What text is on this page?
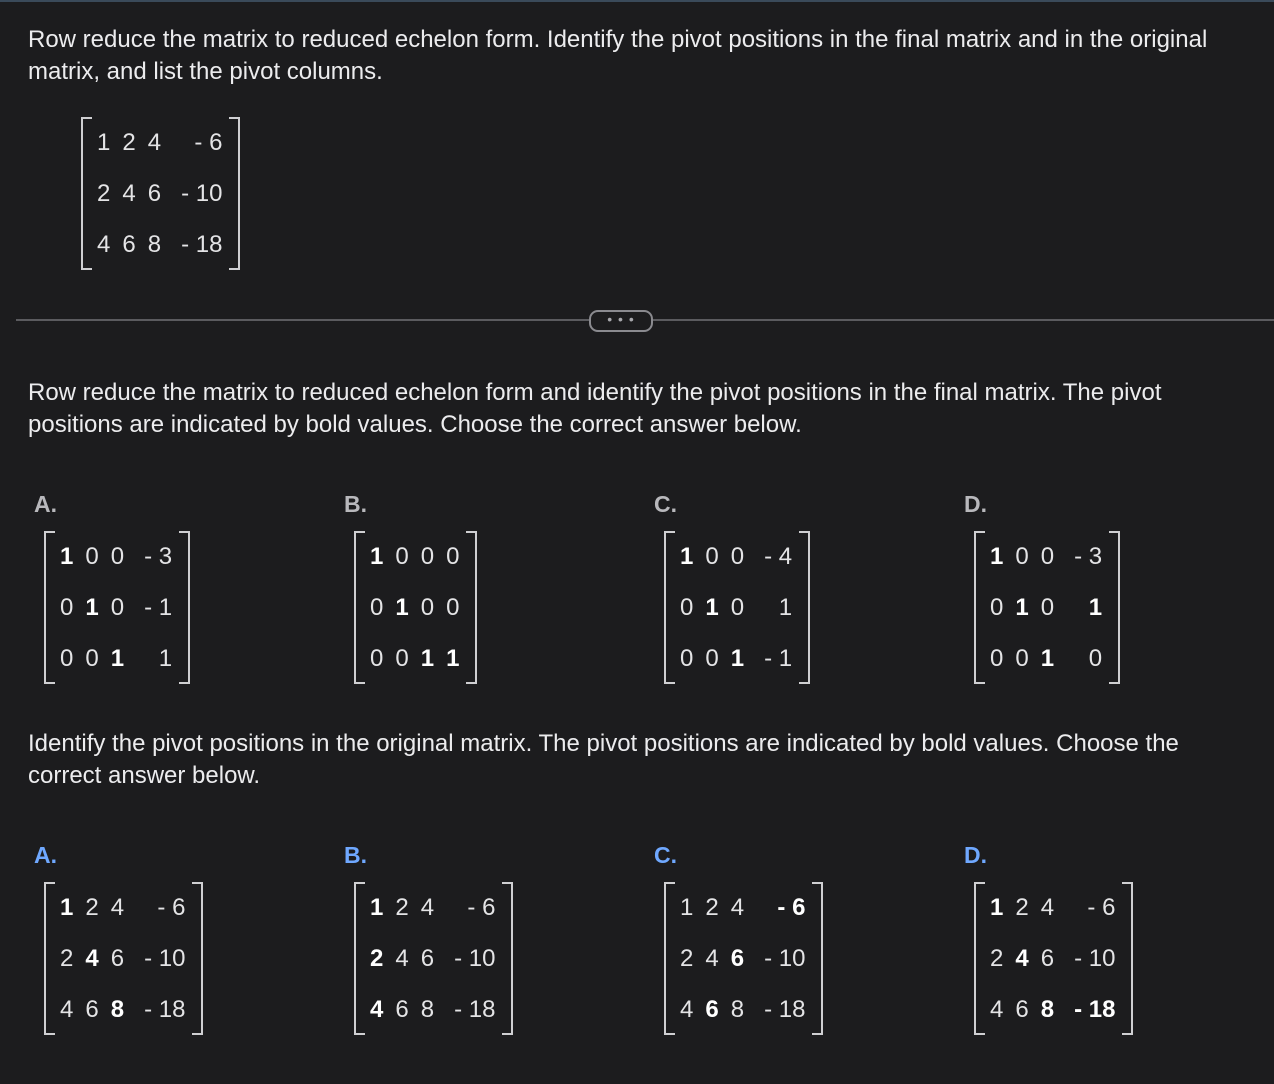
Row reduce the matrix to reduced echelon form. Identify the pivot positions in the final matrix and in the original matrix, and list the pivot columns.

1	2	4	- 6
2	4	6	- 10
4	6	8	- 18
• • •

Row reduce the matrix to reduced echelon form and identify the pivot positions in the final matrix. The pivot positions are indicated by bold values. Choose the correct answer below.

A.
1	0	0	- 3
0	1	0	- 1
0	0	1	1
B.
1	0	0	0
0	1	0	0
0	0	1	1
C.
1	0	0	- 4
0	1	0	1
0	0	1	- 1
D.
1	0	0	- 3
0	1	0	1
0	0	1	0

Identify the pivot positions in the original matrix. The pivot positions are indicated by bold values. Choose the correct answer below.

A.
1	2	4	- 6
2	4	6	- 10
4	6	8	- 18
B.
1	2	4	- 6
2	4	6	- 10
4	6	8	- 18
C.
1	2	4	- 6
2	4	6	- 10
4	6	8	- 18
D.
1	2	4	- 6
2	4	6	- 10
4	6	8	- 18
